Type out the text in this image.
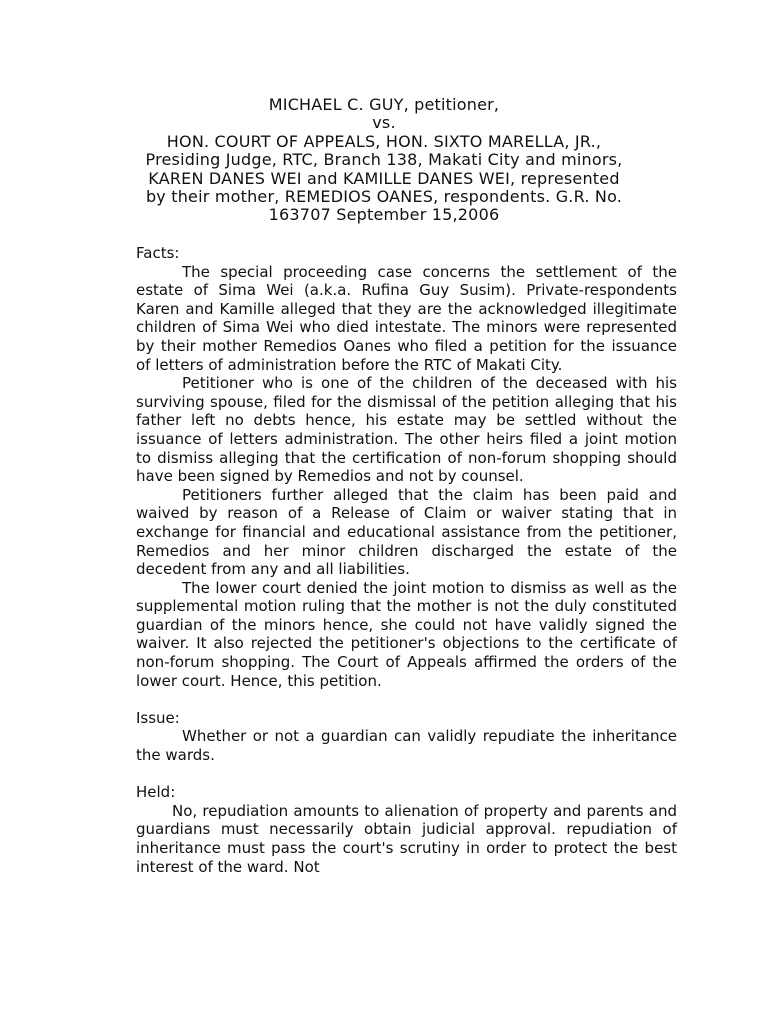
MICHAEL C. GUY, petitioner,
vs.
HON. COURT OF APPEALS, HON. SIXTO MARELLA, JR.,
Presiding Judge, RTC, Branch 138, Makati City and minors,
KAREN DANES WEI and KAMILLE DANES WEI, represented
by their mother, REMEDIOS OANES, respondents. G.R. No.
163707 September 15,2006

Facts:

The special proceeding case concerns the settlement of the estate of Sima Wei (a.k.a. Rufina Guy Susim). Private-respondents Karen and Kamille alleged that they are the acknowledged illegitimate children of Sima Wei who died intestate. The minors were represented by their mother Remedios Oanes who filed a petition for the issuance of letters of administration before the RTC of Makati City.

Petitioner who is one of the children of the deceased with his surviving spouse, filed for the dismissal of the petition alleging that his father left no debts hence, his estate may be settled without the issuance of letters administration. The other heirs filed a joint motion to dismiss alleging that the certification of non-forum shopping should have been signed by Remedios and not by counsel.

Petitioners further alleged that the claim has been paid and waived by reason of a Release of Claim or waiver stating that in exchange for financial and educational assistance from the petitioner, Remedios and her minor children discharged the estate of the decedent from any and all liabilities.

The lower court denied the joint motion to dismiss as well as the supplemental motion ruling that the mother is not the duly constituted guardian of the minors hence, she could not have validly signed the waiver. It also rejected the petitioner's objections to the certificate of non-forum shopping. The Court of Appeals affirmed the orders of the lower court. Hence, this petition.

Issue:

Whether or not a guardian can validly repudiate the inheritance the wards.

Held:

No, repudiation amounts to alienation of property and parents and guardians must necessarily obtain judicial approval. repudiation of inheritance must pass the court's scrutiny in order to protect the best interest of the ward. Not
